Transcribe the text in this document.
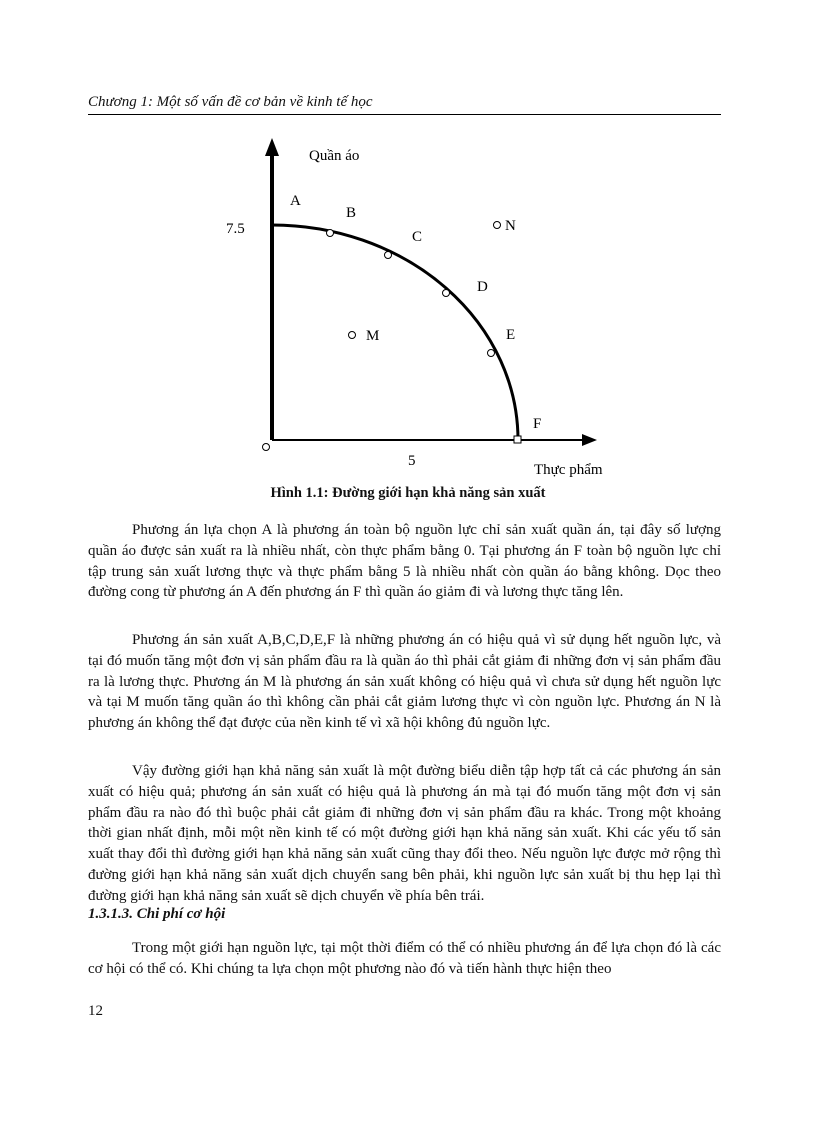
Chương 1: Một số vấn đề cơ bản về kinh tế học
Quần áo
Thực phẩm
7.5
5
A
B
C
D
E
F
M
N
Hình 1.1: Đường giới hạn khả năng sản xuất

Phương án lựa chọn A là phương án toàn bộ nguồn lực chỉ sản xuất quần án, tại đây số lượng quần áo được sản xuất ra là nhiều nhất, còn thực phẩm bằng 0. Tại phương án F toàn bộ nguồn lực chỉ tập trung sản xuất lương thực và thực phẩm bằng 5 là nhiều nhất còn quần áo bằng không. Dọc theo đường cong từ phương án A đến phương án F thì quần áo giảm đi và lương thực tăng lên.

Phương án sản xuất A,B,C,D,E,F là những phương án có hiệu quả vì sử dụng hết nguồn lực, và tại đó muốn tăng một đơn vị sản phẩm đầu ra là quần áo thì phải cắt giảm đi những đơn vị sản phẩm đầu ra là lương thực. Phương án M là phương án sản xuất không có hiệu quả vì chưa sử dụng hết nguồn lực và tại M muốn tăng quần áo thì không cần phải cắt giảm lương thực vì còn nguồn lực. Phương án N là phương án không thể đạt được của nền kinh tế vì xã hội không đủ nguồn lực.

Vậy đường giới hạn khả năng sản xuất là một đường biểu diễn tập hợp tất cả các phương án sản xuất có hiệu quả; phương án sản xuất có hiệu quả là phương án mà tại đó muốn tăng một đơn vị sản phẩm đầu ra nào đó thì buộc phải cắt giảm đi những đơn vị sản phẩm đầu ra khác. Trong một khoảng thời gian nhất định, mỗi một nền kinh tế có một đường giới hạn khả năng sản xuất. Khi các yếu tố sản xuất thay đổi thì đường giới hạn khả năng sản xuất cũng thay đổi theo. Nếu nguồn lực được mở rộng thì đường giới hạn khả năng sản xuất dịch chuyển sang bên phải, khi nguồn lực sản xuất bị thu hẹp lại thì đường giới hạn khả năng sản xuất sẽ dịch chuyển về phía bên trái.

1.3.1.3. Chi phí cơ hội

Trong một giới hạn nguồn lực, tại một thời điểm có thể có nhiều phương án để lựa chọn đó là các cơ hội có thể có. Khi chúng ta lựa chọn một phương nào đó và tiến hành thực hiện theo

12
